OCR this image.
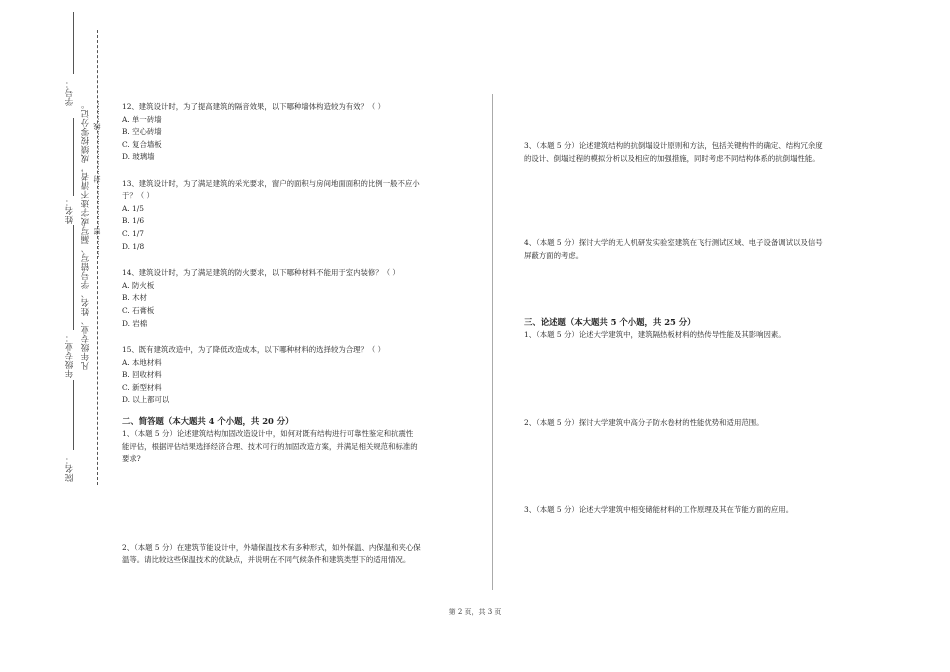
学号：
姓名：
年级专业：
院名：
凡年级专业、姓名、学号错写、漏写或字迹不清者，成绩按零分记。 ………密………………封………………线………	12、建筑设计时，为了提高建筑的隔音效果，以下哪种墙体构造较为有效？（ ）

A. 单一砖墙

B. 空心砖墙

C. 复合墙板

D. 玻璃墙

13、建筑设计时，为了满足建筑的采光要求，窗户的面积与房间地面面积的比例一般不应小

于？（ ）

A. 1/5

B. 1/6

C. 1/7

D. 1/8

14、建筑设计时，为了满足建筑的防火要求，以下哪种材料不能用于室内装修？（ ）

A. 防火板

B. 木材

C. 石膏板

D. 岩棉

15、既有建筑改造中，为了降低改造成本，以下哪种材料的选择较为合理？（ ）

A. 本地材料

B. 回收材料

C. 新型材料

D. 以上都可以

二、简答题（本大题共 4 个小题，共 20 分）

1、（本题 5 分）论述建筑结构加固改造设计中，如何对既有结构进行可靠性鉴定和抗震性

能评估，根据评估结果选择经济合理、技术可行的加固改造方案，并满足相关规范和标准的

要求?

2、（本题 5 分）在建筑节能设计中，外墙保温技术有多种形式，如外保温、内保温和夹心保

温等。请比较这些保温技术的优缺点，并说明在不同气候条件和建筑类型下的适用情况。

3、（本题 5 分）论述建筑结构的抗倒塌设计原则和方法，包括关键构件的确定、结构冗余度

的设计、倒塌过程的模拟分析以及相应的加强措施，同时考虑不同结构体系的抗倒塌性能。

4、（本题 5 分）探讨大学的无人机研发实验室建筑在飞行测试区域、电子设备调试以及信号

屏蔽方面的考虑。

三、论述题（本大题共 5 个小题，共 25 分）

1、（本题 5 分）论述大学建筑中，建筑隔热板材料的热传导性能及其影响因素。

2、（本题 5 分）探讨大学建筑中高分子防水卷材的性能优势和适用范围。

3、（本题 5 分）论述大学建筑中相变储能材料的工作原理及其在节能方面的应用。

第 2 页，共 3 页
